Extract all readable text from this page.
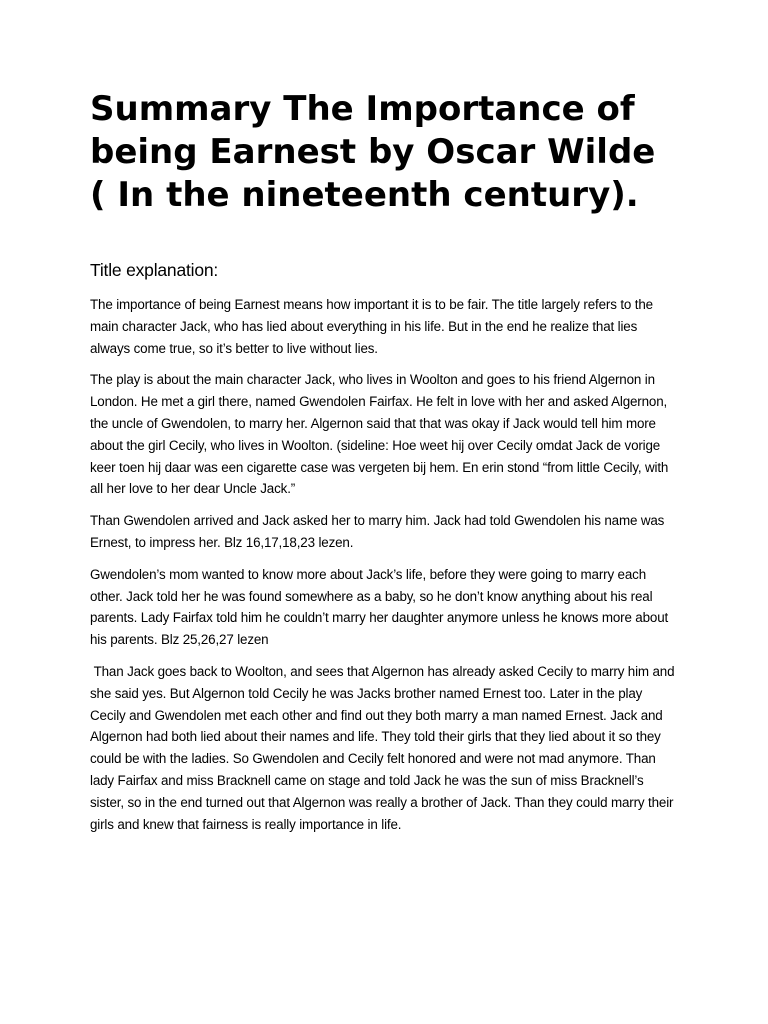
Summary The Importance of being Earnest by Oscar Wilde ( In the nineteenth century).
Title explanation:

The importance of being Earnest means how important it is to be fair. The title largely refers to the main character Jack, who has lied about everything in his life. But in the end he realize that lies always come true, so it’s better to live without lies.

The play is about the main character Jack, who lives in Woolton and goes to his friend Algernon in London. He met a girl there, named Gwendolen Fairfax. He felt in love with her and asked Algernon, the uncle of Gwendolen, to marry her. Algernon said that that was okay if Jack would tell him more about the girl Cecily, who lives in Woolton. (sideline: Hoe weet hij over Cecily omdat Jack de vorige keer toen hij daar was een cigarette case was vergeten bij hem. En erin stond “from little Cecily, with all her love to her dear Uncle Jack.”

Than Gwendolen arrived and Jack asked her to marry him. Jack had told Gwendolen his name was Ernest, to impress her. Blz 16,17,18,23 lezen.

Gwendolen’s mom wanted to know more about Jack’s life, before they were going to marry each other. Jack told her he was found somewhere as a baby, so he don’t know anything about his real parents. Lady Fairfax told him he couldn’t marry her daughter anymore unless he knows more about his parents. Blz 25,26,27 lezen

Than Jack goes back to Woolton, and sees that Algernon has already asked Cecily to marry him and she said yes. But Algernon told Cecily he was Jacks brother named Ernest too. Later in the play Cecily and Gwendolen met each other and find out they both marry a man named Ernest. Jack and Algernon had both lied about their names and life. They told their girls that they lied about it so they could be with the ladies. So Gwendolen and Cecily felt honored and were not mad anymore. Than lady Fairfax and miss Bracknell came on stage and told Jack he was the sun of miss Bracknell’s sister, so in the end turned out that Algernon was really a brother of Jack. Than they could marry their girls and knew that fairness is really importance in life.
